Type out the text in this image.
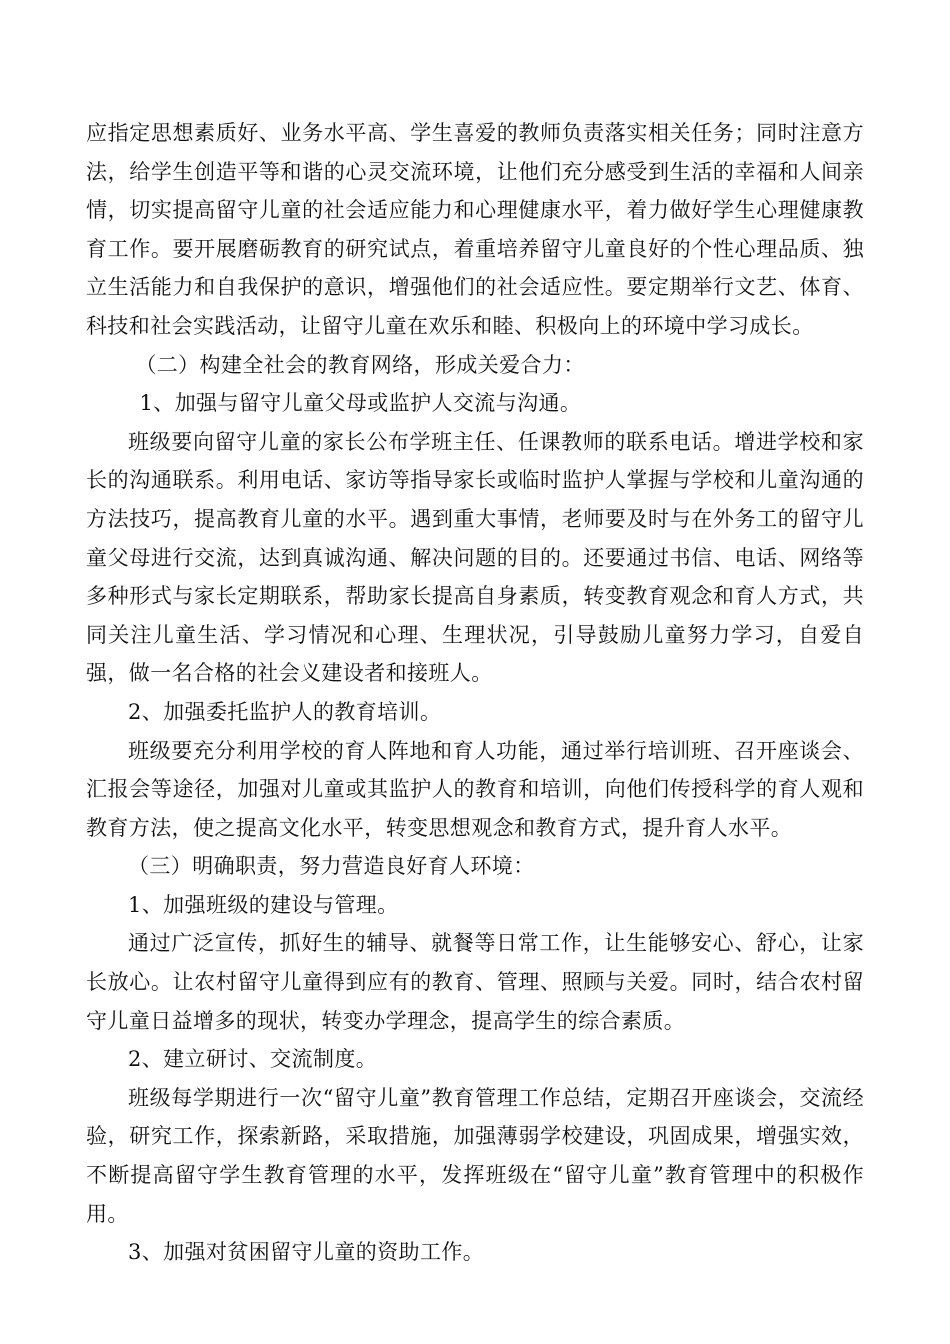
应指定思想素质好、业务水平高、学生喜爱的教师负责落实相关任务；同时注意方法，给学生创造平等和谐的心灵交流环境，让他们充分感受到生活的幸福和人间亲情，切实提高留守儿童的社会适应能力和心理健康水平，着力做好学生心理健康教育工作。要开展磨砺教育的研究试点，着重培养留守儿童良好的个性心理品质、独立生活能力和自我保护的意识，增强他们的社会适应性。要定期举行文艺、体育、科技和社会实践活动，让留守儿童在欢乐和睦、积极向上的环境中学习成长。

（二）构建全社会的教育网络，形成关爱合力：

1、加强与留守儿童父母或监护人交流与沟通。

班级要向留守儿童的家长公布学班主任、任课教师的联系电话。增进学校和家长的沟通联系。利用电话、家访等指导家长或临时监护人掌握与学校和儿童沟通的方法技巧，提高教育儿童的水平。遇到重大事情，老师要及时与在外务工的留守儿童父母进行交流，达到真诚沟通、解决问题的目的。还要通过书信、电话、网络等多种形式与家长定期联系，帮助家长提高自身素质，转变教育观念和育人方式，共同关注儿童生活、学习情况和心理、生理状况，引导鼓励儿童努力学习，自爱自强，做一名合格的社会义建设者和接班人。

2、加强委托监护人的教育培训。

班级要充分利用学校的育人阵地和育人功能，通过举行培训班、召开座谈会、汇报会等途径，加强对儿童或其监护人的教育和培训，向他们传授科学的育人观和教育方法，使之提高文化水平，转变思想观念和教育方式，提升育人水平。

（三）明确职责，努力营造良好育人环境：

1、加强班级的建设与管理。

通过广泛宣传，抓好生的辅导、就餐等日常工作，让生能够安心、舒心，让家长放心。让农村留守儿童得到应有的教育、管理、照顾与关爱。同时，结合农村留守儿童日益增多的现状，转变办学理念，提高学生的综合素质。

2、建立研讨、交流制度。

班级每学期进行一次“留守儿童”教育管理工作总结，定期召开座谈会，交流经验，研究工作，探索新路，采取措施，加强薄弱学校建设，巩固成果，增强实效，不断提高留守学生教育管理的水平，发挥班级在“留守儿童”教育管理中的积极作用。

3、加强对贫困留守儿童的资助工作。
